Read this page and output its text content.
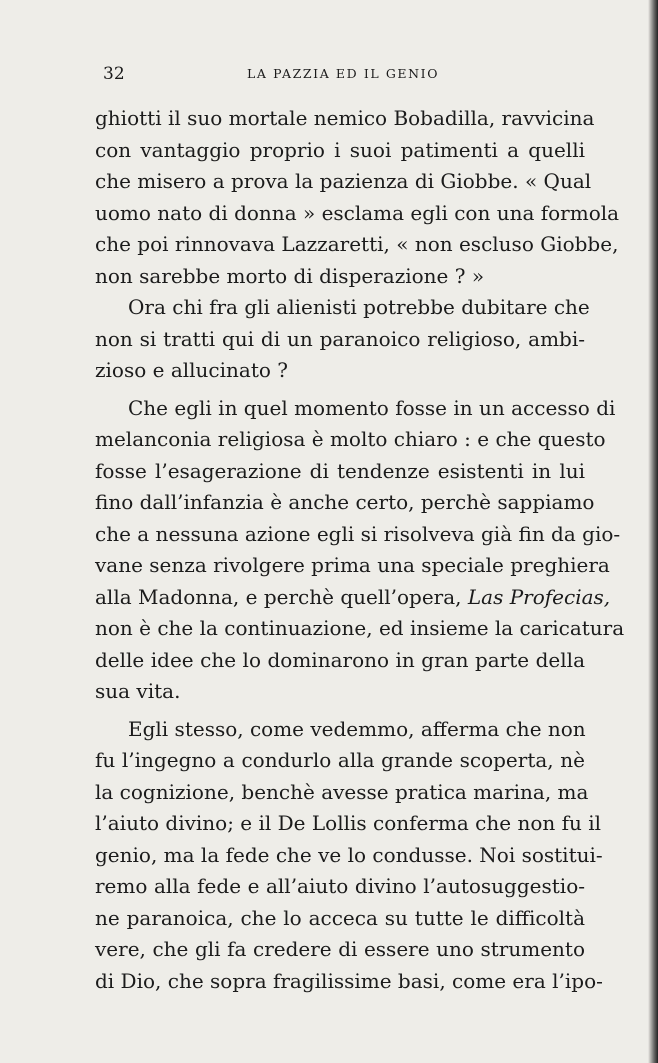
32	LA PAZZIA ED IL GENIO
ghiotti il suo mortale nemico Bobadilla, ravvicina
con vantaggio proprio i suoi patimenti a quelli
che misero a prova la pazienza di Giobbe. « Qual
uomo nato di donna » esclama egli con una formola
che poi rinnovava Lazzaretti, « non escluso Giobbe,
non sarebbe morto di disperazione ? »
Ora chi fra gli alienisti potrebbe dubitare che
non si tratti qui di un paranoico religioso, ambi-
zioso e allucinato ?
Che egli in quel momento fosse in un accesso di
melanconia religiosa è molto chiaro : e che questo
fosse l’esagerazione di tendenze esistenti in lui
fino dall’infanzia è anche certo, perchè sappiamo
che a nessuna azione egli si risolveva già fin da gio-
vane senza rivolgere prima una speciale preghiera
alla Madonna, e perchè quell’opera, Las Profecias,
non è che la continuazione, ed insieme la caricatura
delle idee che lo dominarono in gran parte della
sua vita.
Egli stesso, come vedemmo, afferma che non
fu l’ingegno a condurlo alla grande scoperta, nè
la cognizione, benchè avesse pratica marina, ma
l’aiuto divino; e il De Lollis conferma che non fu il
genio, ma la fede che ve lo condusse. Noi sostitui-
remo alla fede e all’aiuto divino l’autosuggestio-
ne paranoica, che lo acceca su tutte le difficoltà
vere, che gli fa credere di essere uno strumento
di Dio, che sopra fragilissime basi, come era l’ipo-
